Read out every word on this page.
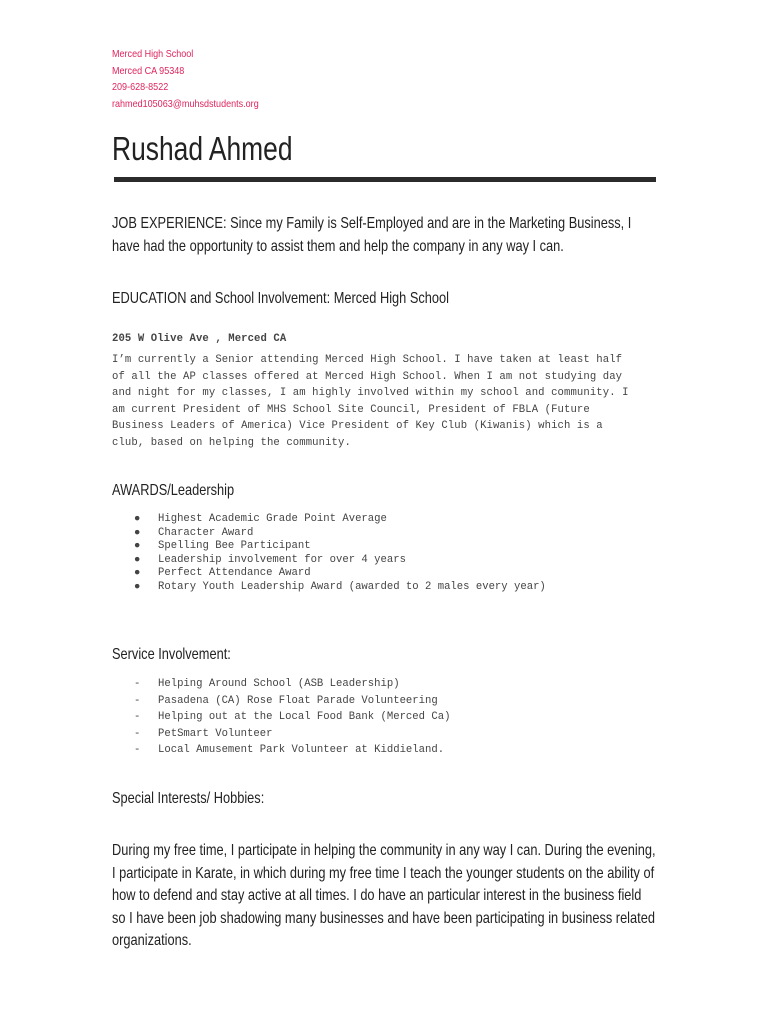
Merced High School
Merced CA 95348
209-628-8522
rahmed105063@muhsdstudents.org
Rushad Ahmed
JOB EXPERIENCE: Since my Family is Self-Employed and are in the Marketing Business, I have had the opportunity to assist them and help the company in any way I can.
EDUCATION and School Involvement: Merced High School
205 W Olive Ave , Merced CA
I’m currently a Senior attending Merced High School. I have taken at least half
of all the AP classes offered at Merced High School. When I am not studying day
and night for my classes, I am highly involved within my school and community. I
am current President of MHS School Site Council, President of FBLA (Future
Business Leaders of America) Vice President of Key Club (Kiwanis) which is a
club, based on helping the community.
AWARDS/Leadership
● Highest Academic Grade Point Average
● Character Award
● Spelling Bee Participant
● Leadership involvement for over 4 years
● Perfect Attendance Award
● Rotary Youth Leadership Award (awarded to 2 males every year)
Service Involvement:
- Helping Around School (ASB Leadership)
- Pasadena (CA) Rose Float Parade Volunteering
- Helping out at the Local Food Bank (Merced Ca)
- PetSmart Volunteer
- Local Amusement Park Volunteer at Kiddieland.
Special Interests/ Hobbies:
During my free time, I participate in helping the community in any way I can. During the evening, I participate in Karate, in which during my free time I teach the younger students on the ability of how to defend and stay active at all times. I do have an particular interest in the business field so I have been job shadowing many businesses and have been participating in business related organizations.
